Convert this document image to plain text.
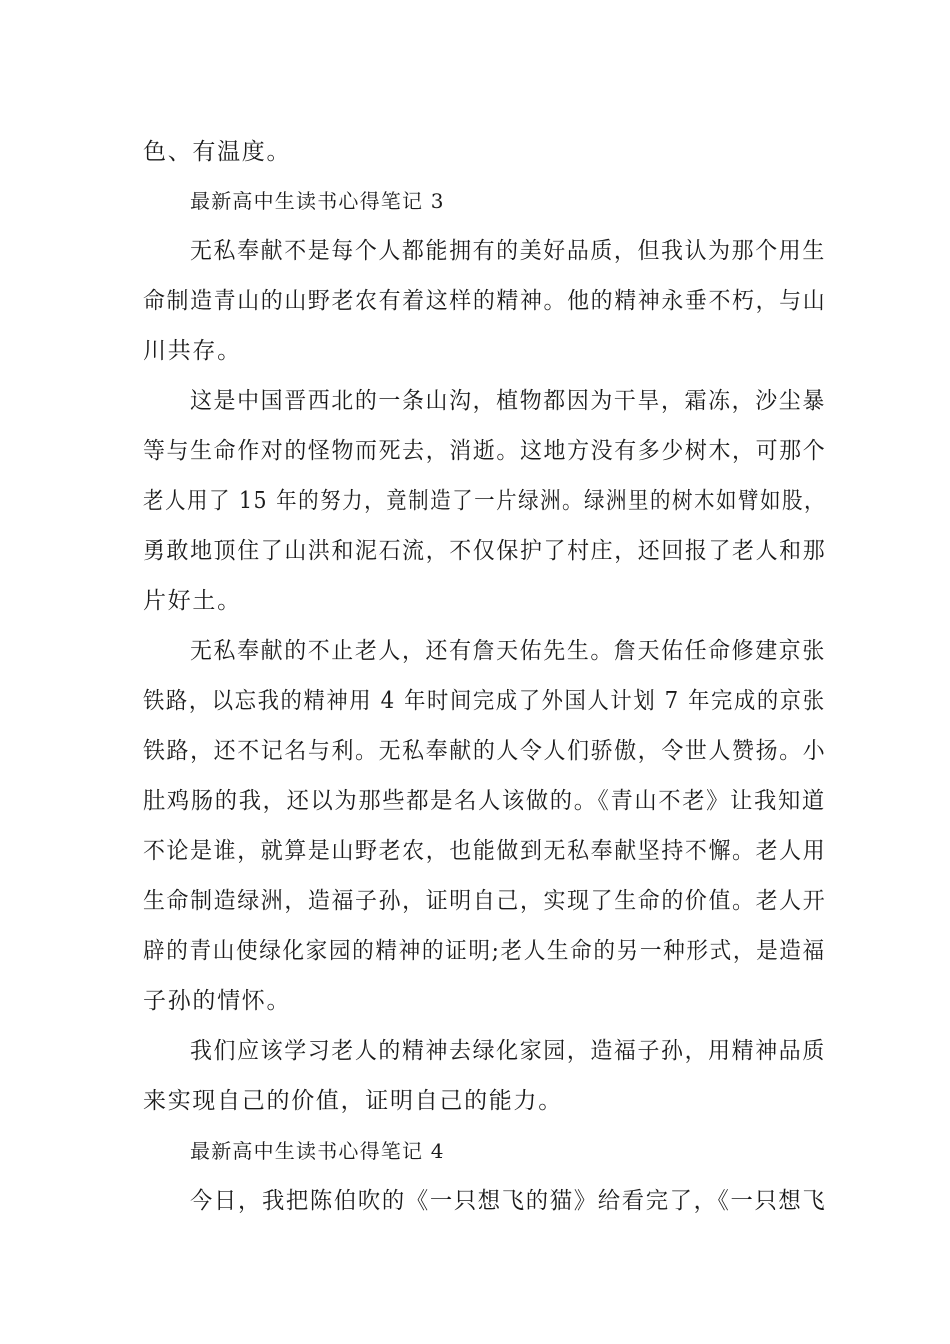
色、有温度。
最新高中生读书心得笔记 3
无私奉献不是每个人都能拥有的美好品质，但我认为那个用生
命制造青山的山野老农有着这样的精神。他的精神永垂不朽，与山
川共存。
这是中国晋西北的一条山沟，植物都因为干旱，霜冻，沙尘暴
等与生命作对的怪物而死去，消逝。这地方没有多少树木，可那个
老人用了 15 年的努力，竟制造了一片绿洲。绿洲里的树木如臂如股，
勇敢地顶住了山洪和泥石流，不仅保护了村庄，还回报了老人和那
片好土。
无私奉献的不止老人，还有詹天佑先生。詹天佑任命修建京张
铁路，以忘我的精神用 4 年时间完成了外国人计划 7 年完成的京张
铁路，还不记名与利。无私奉献的人令人们骄傲，令世人赞扬。小
肚鸡肠的我，还以为那些都是名人该做的。《青山不老》让我知道
不论是谁，就算是山野老农，也能做到无私奉献坚持不懈。老人用
生命制造绿洲，造福子孙，证明自己，实现了生命的价值。老人开
辟的青山使绿化家园的精神的证明;老人生命的另一种形式，是造福
子孙的情怀。
我们应该学习老人的精神去绿化家园，造福子孙，用精神品质
来实现自己的价值，证明自己的能力。
最新高中生读书心得笔记 4
今日，我把陈伯吹的《一只想飞的猫》给看完了，《一只想飞
